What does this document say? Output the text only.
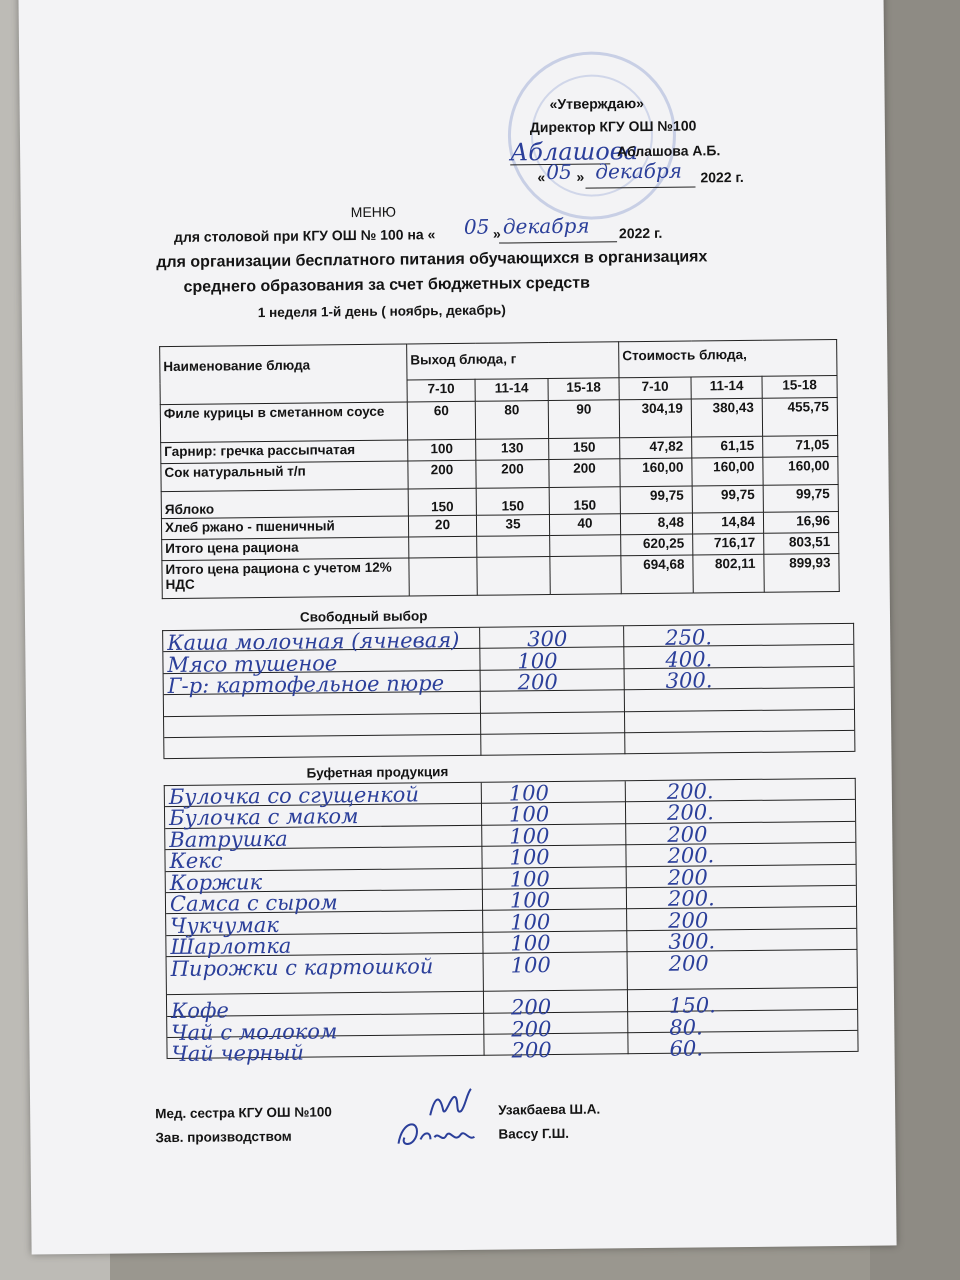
«Утверждаю»
Директор КГУ ОШ №100
Аблашова
Аблашова А.Б.
« 05 » декабря 2022 г.
МЕНЮ
для столовой при КГУ ОШ № 100 на « 05 » декабря 2022 г.
для организации бесплатного питания обучающихся в организациях
среднего образования за счет бюджетных средств
1 неделя 1-й день ( ноябрь, декабрь)
Наименование блюда	Выход блюда, г			Стоимость блюда,		
	7-10	11-14	15-18	7-10	11-14	15-18
Филе курицы в сметанном соусе	60	80	90	304,19	380,43	455,75
Гарнир: гречка рассыпчатая	100	130	150	47,82	61,15	71,05
Сок натуральный т/п	200	200	200	160,00	160,00	160,00
Яблоко	150	150	150	99,75	99,75	99,75
Хлеб ржано - пшеничный	20	35	40	8,48	14,84	16,96
Итого цена рациона				620,25	716,17	803,51
Итого цена рациона с учетом 12% НДС				694,68	802,11	899,93
Свободный выбор
Каша молочная (ячневая)	300	250.
Мясо тушеное	100	400.
Г-р: картофельное пюре	200	300.
Буфетная продукция
Булочка со сгущенкой	100	200.
Булочка с маком	100	200.
Ватрушка	100	200
Кекс	100	200.
Коржик	100	200
Самса с сыром	100	200.
Чукчумак	100	200
Шарлотка	100	300.
Пирожки с картошкой	100	200
Кофе	200	150.
Чай с молоком	200	80.
Чай черный	200	60.
Мед. сестра КГУ ОШ №100	Узакбаева Ш.А.
Зав. производством	Вассу Г.Ш.
